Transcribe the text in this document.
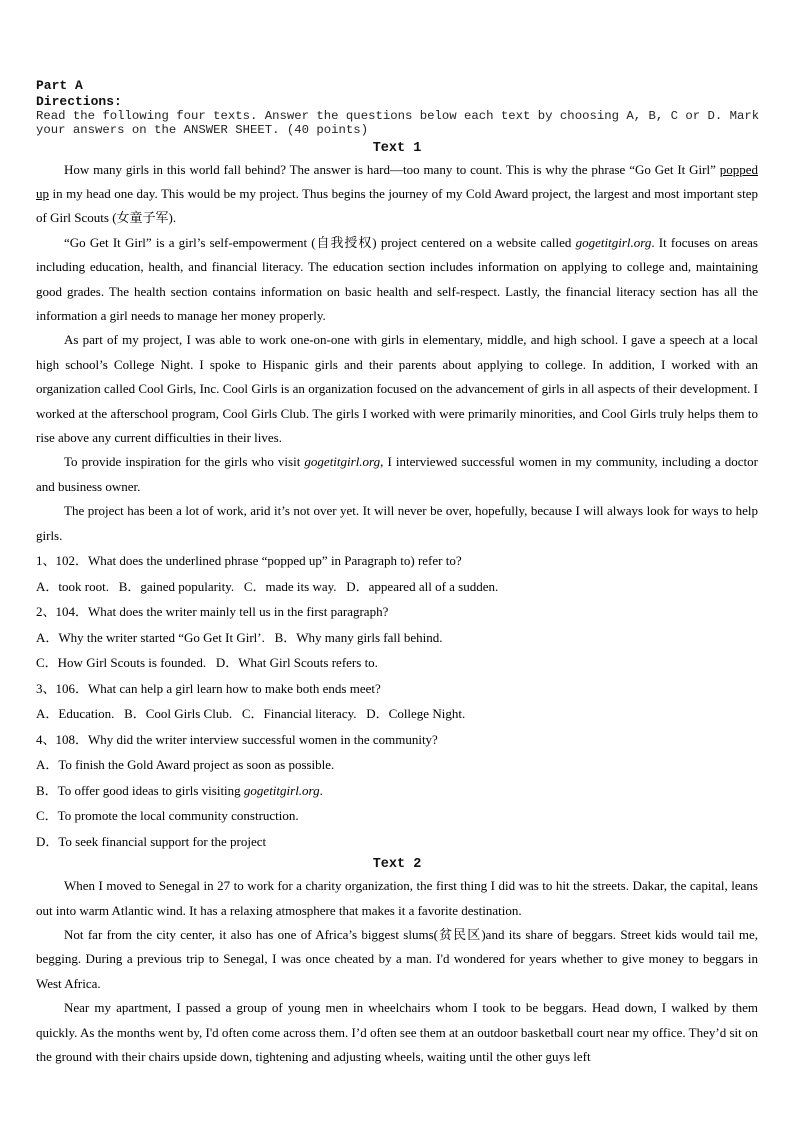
Part A
Directions:
Read the following four texts. Answer the questions below each text by choosing A, B, C or D. Mark
your answers on the ANSWER SHEET. (40 points)
Text 1
How many girls in this world fall behind? The answer is hard—too many to count. This is why the phrase “Go Get It Girl” popped up in my head one day. This would be my project. Thus begins the journey of my Cold Award project, the largest and most important step of Girl Scouts (女童子军).
“Go Get It Girl” is a girl’s self-empowerment (自我授权) project centered on a website called gogetitgirl.org. It focuses on areas including education, health, and financial literacy. The education section includes information on applying to college and, maintaining good grades. The health section contains information on basic health and self-respect. Lastly, the financial literacy section has all the information a girl needs to manage her money properly.
As part of my project, I was able to work one-on-one with girls in elementary, middle, and high school. I gave a speech at a local high school’s College Night. I spoke to Hispanic girls and their parents about applying to college. In addition, I worked with an organization called Cool Girls, Inc. Cool Girls is an organization focused on the advancement of girls in all aspects of their development. I worked at the afterschool program, Cool Girls Club. The girls I worked with were primarily minorities, and Cool Girls truly helps them to rise above any current difficulties in their lives.
To provide inspiration for the girls who visit gogetitgirl.org, I interviewed successful women in my community, including a doctor and business owner.
The project has been a lot of work, arid it’s not over yet. It will never be over, hopefully, because I will always look for ways to help girls.
1、102．What does the underlined phrase “popped up” in Paragraph to) refer to?
A．took root.   B．gained popularity.   C．made its way.   D．appeared all of a sudden.
2、104．What does the writer mainly tell us in the first paragraph?
A．Why the writer started “Go Get It Girl’.   B．Why many girls fall behind.
C．How Girl Scouts is founded.   D．What Girl Scouts refers to.
3、106．What can help a girl learn how to make both ends meet?
A．Education.   B．Cool Girls Club.   C．Financial literacy.   D．College Night.
4、108．Why did the writer interview successful women in the community?
A．To finish the Gold Award project as soon as possible.
B．To offer good ideas to girls visiting gogetitgirl.org.
C．To promote the local community construction.
D．To seek financial support for the project
Text 2
When I moved to Senegal in 27 to work for a charity organization, the first thing I did was to hit the streets. Dakar, the capital, leans out into warm Atlantic wind. It has a relaxing atmosphere that makes it a favorite destination.
Not far from the city center, it also has one of Africa’s biggest slums(贫民区)and its share of beggars. Street kids would tail me, begging. During a previous trip to Senegal, I was once cheated by a man. I'd wondered for years whether to give money to beggars in West Africa.
Near my apartment, I passed a group of young men in wheelchairs whom I took to be beggars. Head down, I walked by them quickly. As the months went by, I'd often come across them. I’d often see them at an outdoor basketball court near my office. They’d sit on the ground with their chairs upside down, tightening and adjusting wheels, waiting until the other guys left
